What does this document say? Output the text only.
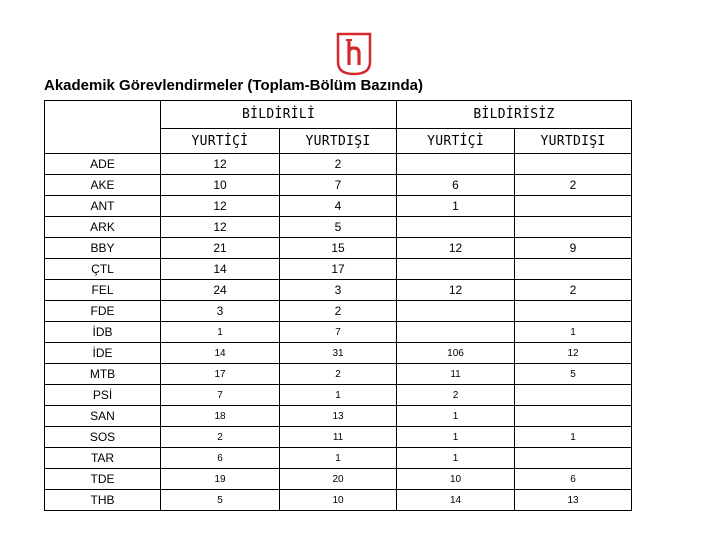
Akademik Görevlendirmeler (Toplam-Bölüm Bazında)
	BİLDİRİLİ		BİLDİRİSİZ	
	YURTİÇİ	YURTDIŞI	YURTİÇİ	YURTDIŞI
ADE	12	2		
AKE	10	7	6	2
ANT	12	4	1	
ARK	12	5		
BBY	21	15	12	9
ÇTL	14	17		
FEL	24	3	12	2
FDE	3	2		
İDB	1	7		1
İDE	14	31	106	12
MTB	17	2	11	5
PSİ	7	1	2	
SAN	18	13	1	
SOS	2	11	1	1
TAR	6	1	1	
TDE	19	20	10	6
THB	5	10	14	13
